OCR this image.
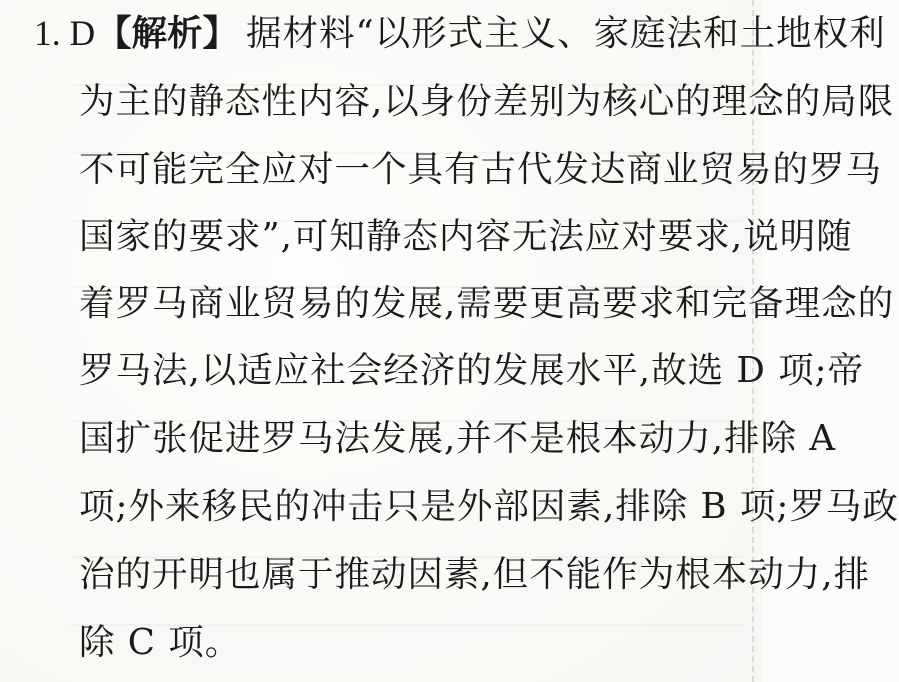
1. D【解析】 据材料“以形式主义、家庭法和土地权利
为主的静态性内容,以身份差别为核心的理念的局限
不可能完全应对一个具有古代发达商业贸易的罗马
国家的要求”,可知静态内容无法应对要求,说明随
着罗马商业贸易的发展,需要更高要求和完备理念的
罗马法,以适应社会经济的发展水平,故选 D 项;帝
国扩张促进罗马法发展,并不是根本动力,排除 A
项;外来移民的冲击只是外部因素,排除 B 项;罗马政
治的开明也属于推动因素,但不能作为根本动力,排
除 C 项。
